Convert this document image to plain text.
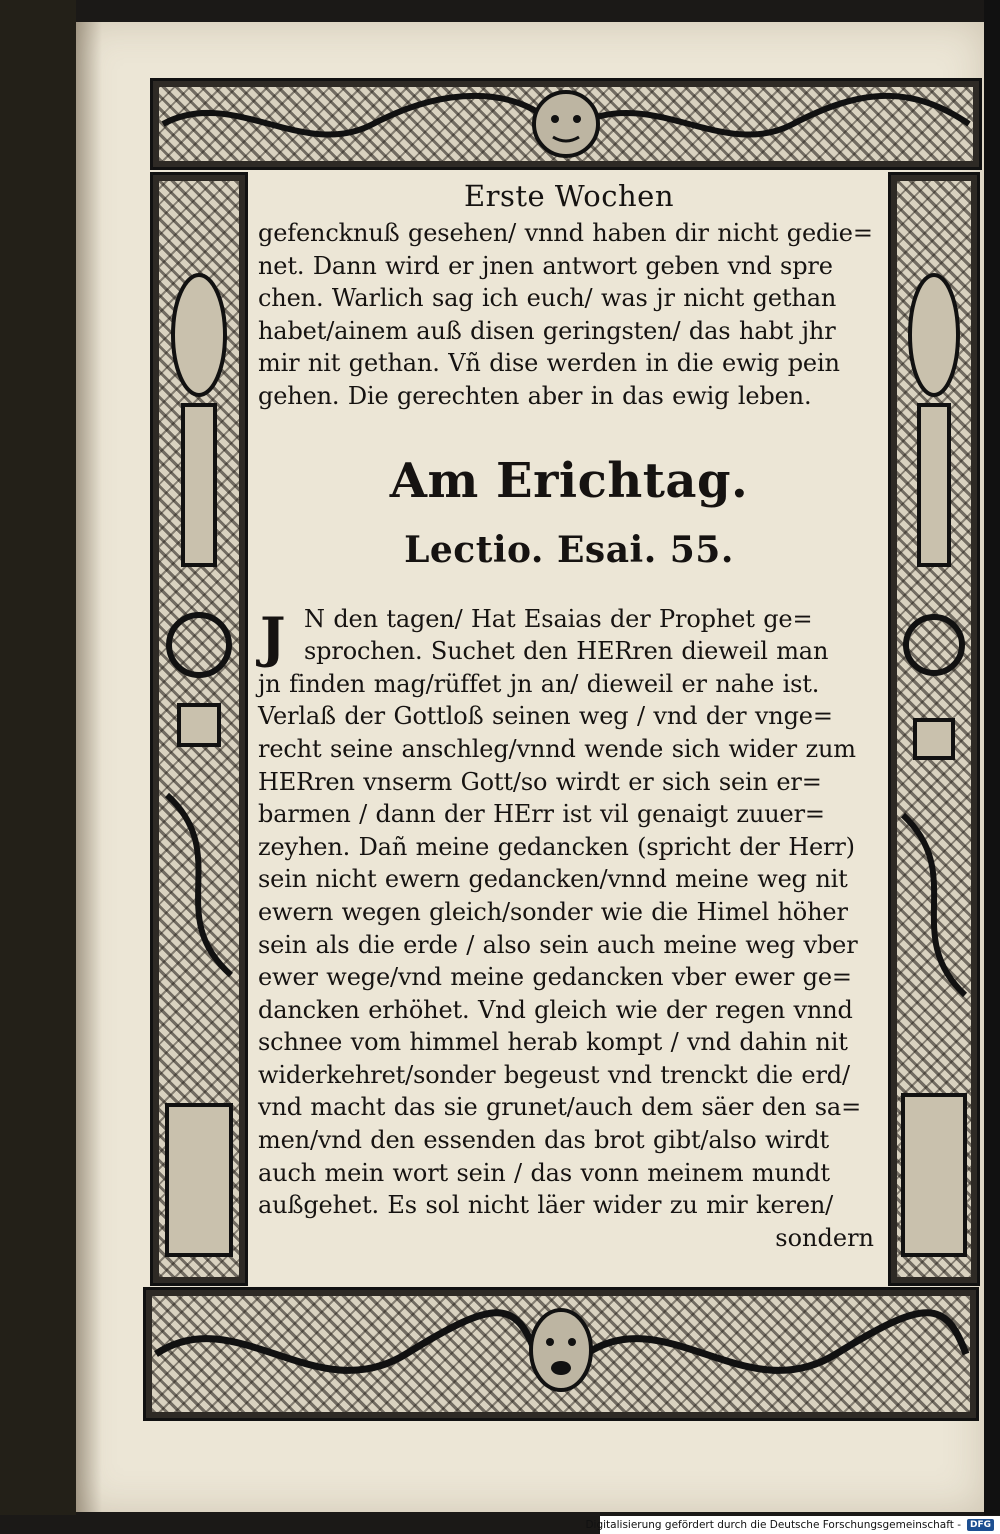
Erste Wochen
gefencknuß gesehen/ vnnd haben dir nicht gedie=
net. Dann wird er jnen antwort geben vnd spre
chen. Warlich sag ich euch/ was jr nicht gethan
habet/ainem auß disen geringsten/ das habt jhr
mir nit gethan. Vñ dise werden in die ewig pein
gehen. Die gerechten aber in das ewig leben.
Am Erichtag.
Lectio. Esai. 55.
J N den tagen/ Hat Esaias der Prophet ge=
sprochen. Suchet den HERren dieweil man
jn finden mag/rüffet jn an/ dieweil er nahe ist.
Verlaß der Gottloß seinen weg / vnd der vnge=
recht seine anschleg/vnnd wende sich wider zum
HERren vnserm Gott/so wirdt er sich sein er=
barmen / dann der HErr ist vil genaigt zuuer=
zeyhen. Dañ meine gedancken (spricht der Herr)
sein nicht ewern gedancken/vnnd meine weg nit
ewern wegen gleich/sonder wie die Himel höher
sein als die erde / also sein auch meine weg vber
ewer wege/vnd meine gedancken vber ewer ge=
dancken erhöhet. Vnd gleich wie der regen vnnd
schnee vom himmel herab kompt / vnd dahin nit
widerkehret/sonder begeust vnd trenckt die erd/
vnd macht das sie grunet/auch dem säer den sa=
men/vnd den essenden das brot gibt/also wirdt
auch mein wort sein / das vonn meinem mundt
außgehet. Es sol nicht läer wider zu mir keren/
sondern
Digitalisierung gefördert durch die Deutsche Forschungsgemeinschaft -	DFG
